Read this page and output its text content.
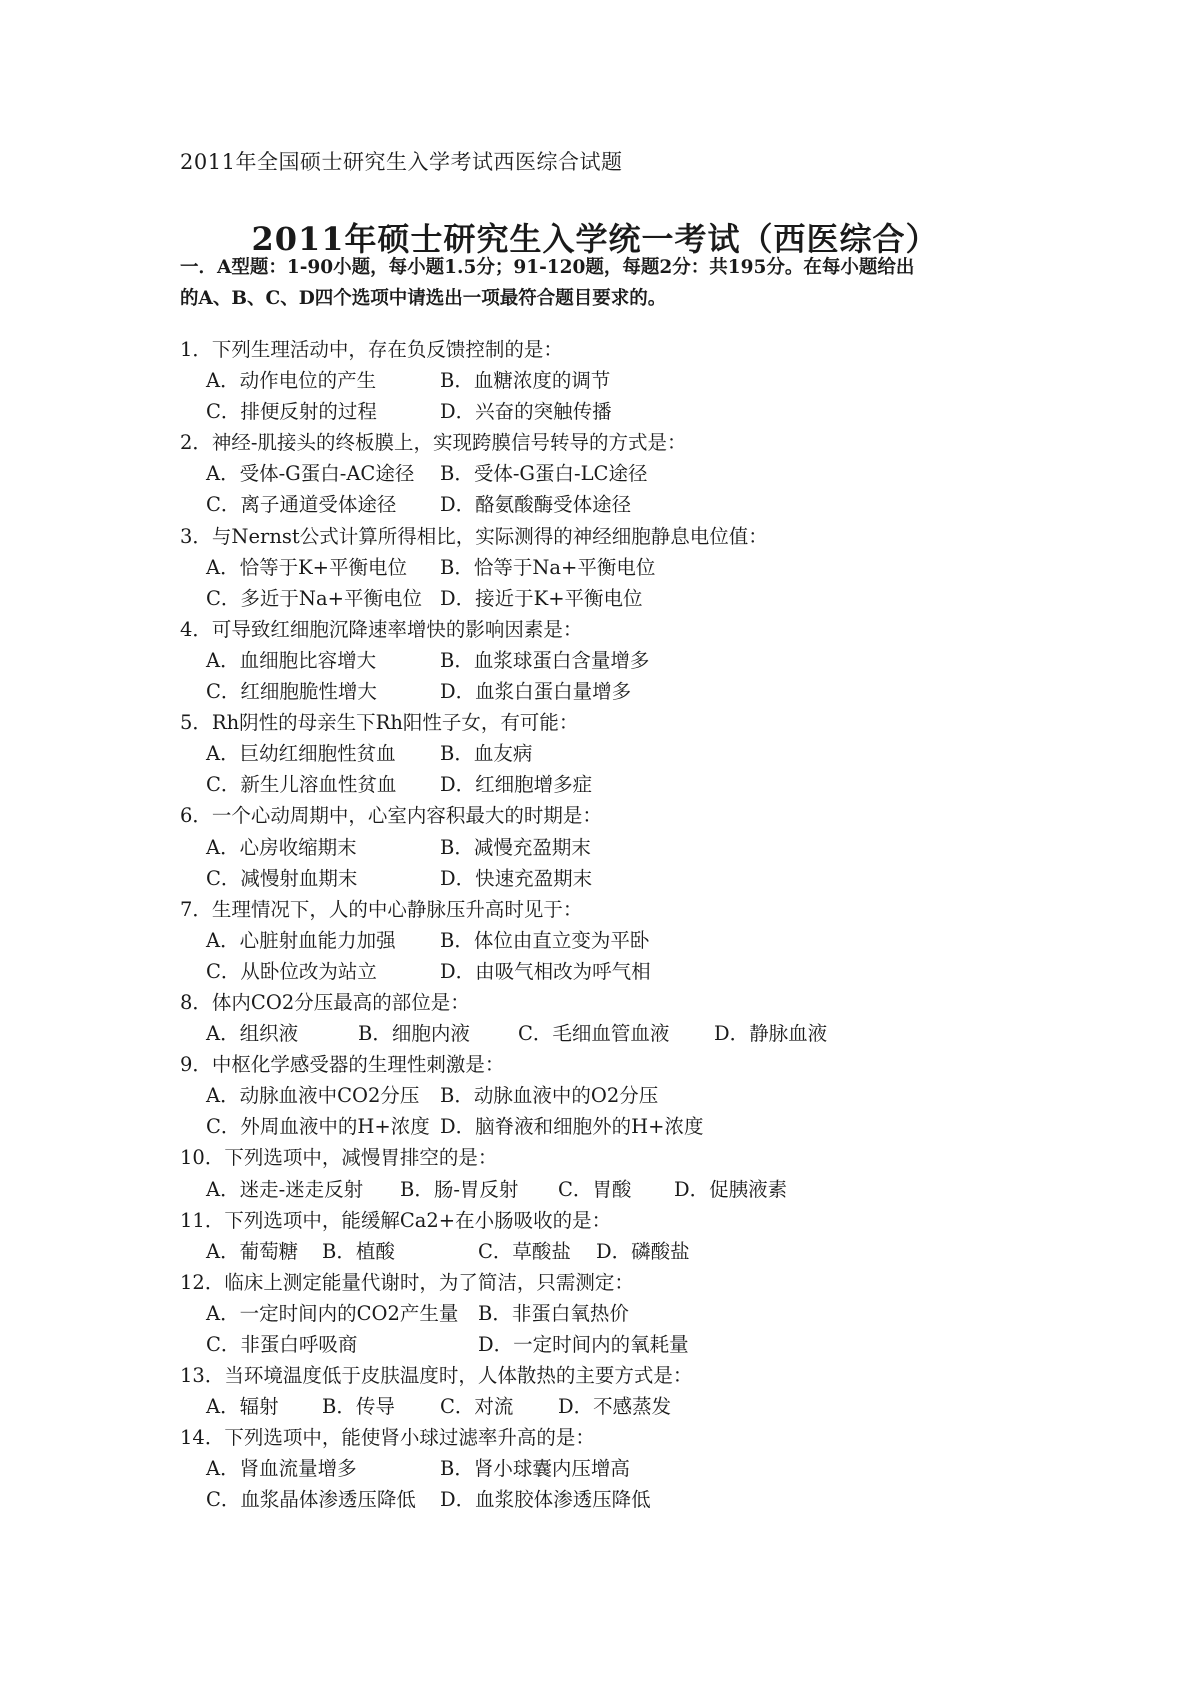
2011年全国硕士研究生入学考试西医综合试题
2011年硕士研究生入学统一考试（西医综合）
一．A型题：1-90小题，每小题1.5分；91-120题，每题2分：共195分。在每小题给出
的A、B、C、D四个选项中请选出一项最符合题目要求的。
1．下列生理活动中，存在负反馈控制的是：
A．动作电位的产生	B．血糖浓度的调节
C．排便反射的过程	D．兴奋的突触传播
2．神经-肌接头的终板膜上，实现跨膜信号转导的方式是：
A．受体-G蛋白-AC途径 B．受体-G蛋白-LC途径
C．离子通道受体途径 D．酪氨酸酶受体途径
3．与Nernst公式计算所得相比，实际测得的神经细胞静息电位值：
A．恰等于K+平衡电位 B．恰等于Na+平衡电位
C．多近于Na+平衡电位 D．接近于K+平衡电位
4．可导致红细胞沉降速率增快的影响因素是：
A．血细胞比容增大	B．血浆球蛋白含量增多
C．红细胞脆性增大	D．血浆白蛋白量增多
5．Rh阴性的母亲生下Rh阳性子女，有可能：
A．巨幼红细胞性贫血 B．血友病
C．新生儿溶血性贫血 D．红细胞增多症
6．一个心动周期中，心室内容积最大的时期是：
A．心房收缩期末	B．减慢充盈期末
C．减慢射血期末	D．快速充盈期末
7．生理情况下，人的中心静脉压升高时见于：
A．心脏射血能力加强 B．体位由直立变为平卧
C．从卧位改为站立	D．由吸气相改为呼气相
8．体内CO2分压最高的部位是：
A．组织液	B．细胞内液 C．毛细血管血液 D．静脉血液
9．中枢化学感受器的生理性刺激是：
A．动脉血液中CO2分压 B．动脉血液中的O2分压
C．外周血液中的H+浓度 D．脑脊液和细胞外的H+浓度
10．下列选项中，减慢胃排空的是：
A．迷走-迷走反射 B．肠-胃反射 C．胃酸 D．促胰液素
11．下列选项中，能缓解Ca2+在小肠吸收的是：
A．葡萄糖 B．植酸	C．草酸盐 D．磷酸盐
12．临床上测定能量代谢时，为了简洁，只需测定：
A．一定时间内的CO2产生量 B．非蛋白氧热价
C．非蛋白呼吸商	D．一定时间内的氧耗量
13．当环境温度低于皮肤温度时，人体散热的主要方式是：
A．辐射 B．传导 C．对流 D．不感蒸发
14．下列选项中，能使肾小球过滤率升高的是：
A．肾血流量增多	B．肾小球囊内压增高
C．血浆晶体渗透压降低 D．血浆胶体渗透压降低
